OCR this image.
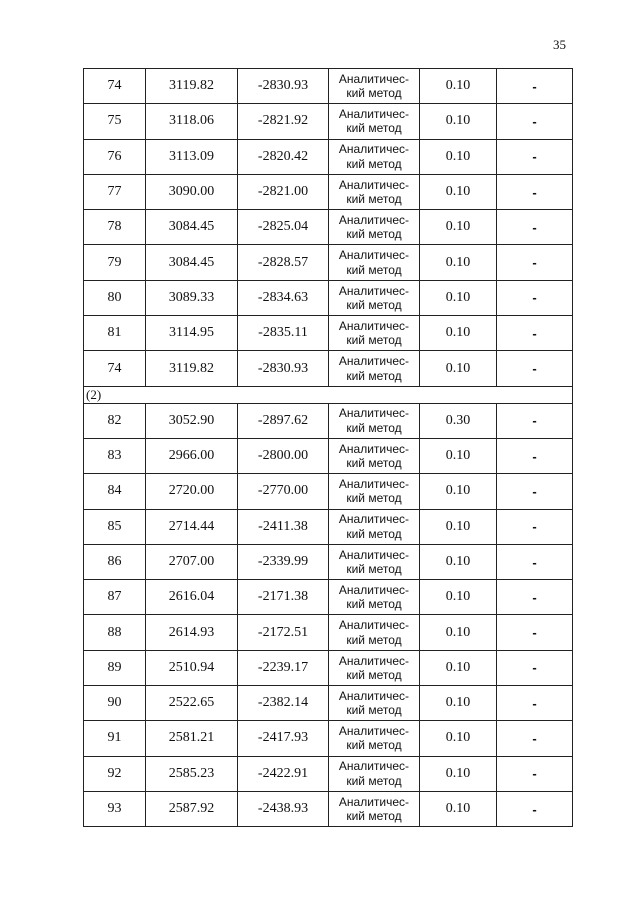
35
74	3119.82	-2830.93	Аналитичес-
кий метод	0.10	-
75	3118.06	-2821.92	Аналитичес-
кий метод	0.10	-
76	3113.09	-2820.42	Аналитичес-
кий метод	0.10	-
77	3090.00	-2821.00	Аналитичес-
кий метод	0.10	-
78	3084.45	-2825.04	Аналитичес-
кий метод	0.10	-
79	3084.45	-2828.57	Аналитичес-
кий метод	0.10	-
80	3089.33	-2834.63	Аналитичес-
кий метод	0.10	-
81	3114.95	-2835.11	Аналитичес-
кий метод	0.10	-
74	3119.82	-2830.93	Аналитичес-
кий метод	0.10	-
(2)					
82	3052.90	-2897.62	Аналитичес-
кий метод	0.30	-
83	2966.00	-2800.00	Аналитичес-
кий метод	0.10	-
84	2720.00	-2770.00	Аналитичес-
кий метод	0.10	-
85	2714.44	-2411.38	Аналитичес-
кий метод	0.10	-
86	2707.00	-2339.99	Аналитичес-
кий метод	0.10	-
87	2616.04	-2171.38	Аналитичес-
кий метод	0.10	-
88	2614.93	-2172.51	Аналитичес-
кий метод	0.10	-
89	2510.94	-2239.17	Аналитичес-
кий метод	0.10	-
90	2522.65	-2382.14	Аналитичес-
кий метод	0.10	-
91	2581.21	-2417.93	Аналитичес-
кий метод	0.10	-
92	2585.23	-2422.91	Аналитичес-
кий метод	0.10	-
93	2587.92	-2438.93	Аналитичес-
кий метод	0.10	-
